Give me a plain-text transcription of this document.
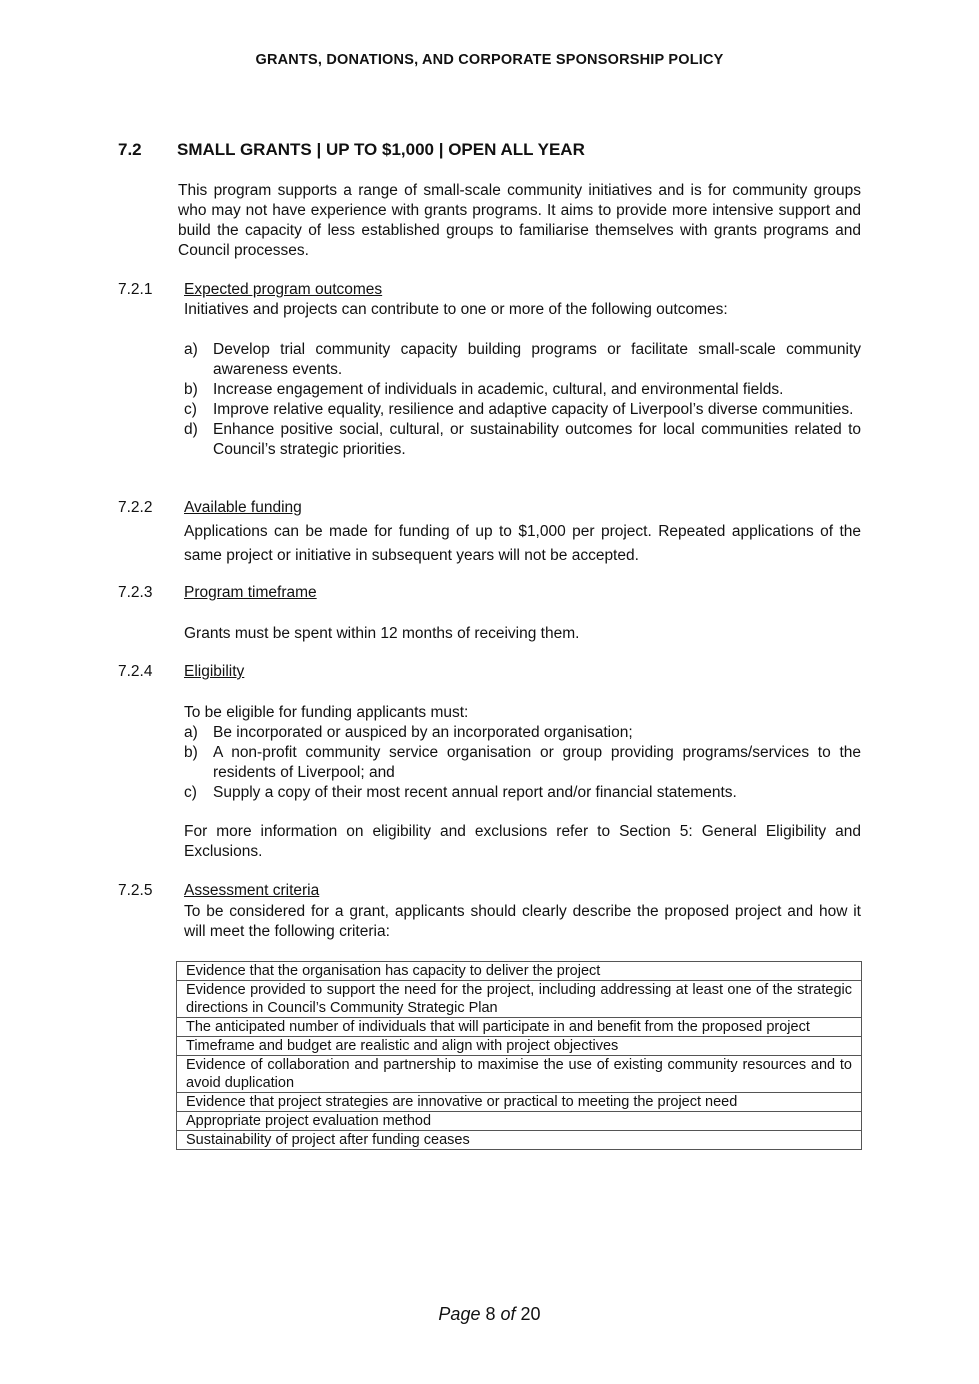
GRANTS, DONATIONS, AND CORPORATE SPONSORSHIP POLICY
7.2 SMALL GRANTS | UP TO $1,000 | OPEN ALL YEAR
This program supports a range of small-scale community initiatives and is for community groups who may not have experience with grants programs. It aims to provide more intensive support and build the capacity of less established groups to familiarise themselves with grants programs and Council processes.
7.2.1 Expected program outcomes
Initiatives and projects can contribute to one or more of the following outcomes:
a) Develop trial community capacity building programs or facilitate small-scale community awareness events.
b) Increase engagement of individuals in academic, cultural, and environmental fields.
c) Improve relative equality, resilience and adaptive capacity of Liverpool’s diverse communities.
d) Enhance positive social, cultural, or sustainability outcomes for local communities related to Council’s strategic priorities.
7.2.2 Available funding
Applications can be made for funding of up to $1,000 per project. Repeated applications of the same project or initiative in subsequent years will not be accepted.
7.2.3 Program timeframe
Grants must be spent within 12 months of receiving them.
7.2.4 Eligibility
To be eligible for funding applicants must:
a) Be incorporated or auspiced by an incorporated organisation;
b) A non-profit community service organisation or group providing programs/services to the residents of Liverpool; and
c) Supply a copy of their most recent annual report and/or financial statements.
For more information on eligibility and exclusions refer to Section 5: General Eligibility and Exclusions.
7.2.5 Assessment criteria
To be considered for a grant, applicants should clearly describe the proposed project and how it will meet the following criteria:
Evidence that the organisation has capacity to deliver the project
Evidence provided to support the need for the project, including addressing at least one of the strategic directions in Council’s Community Strategic Plan
The anticipated number of individuals that will participate in and benefit from the proposed project
Timeframe and budget are realistic and align with project objectives
Evidence of collaboration and partnership to maximise the use of existing community resources and to avoid duplication
Evidence that project strategies are innovative or practical to meeting the project need
Appropriate project evaluation method
Sustainability of project after funding ceases
Page 8 of 20
